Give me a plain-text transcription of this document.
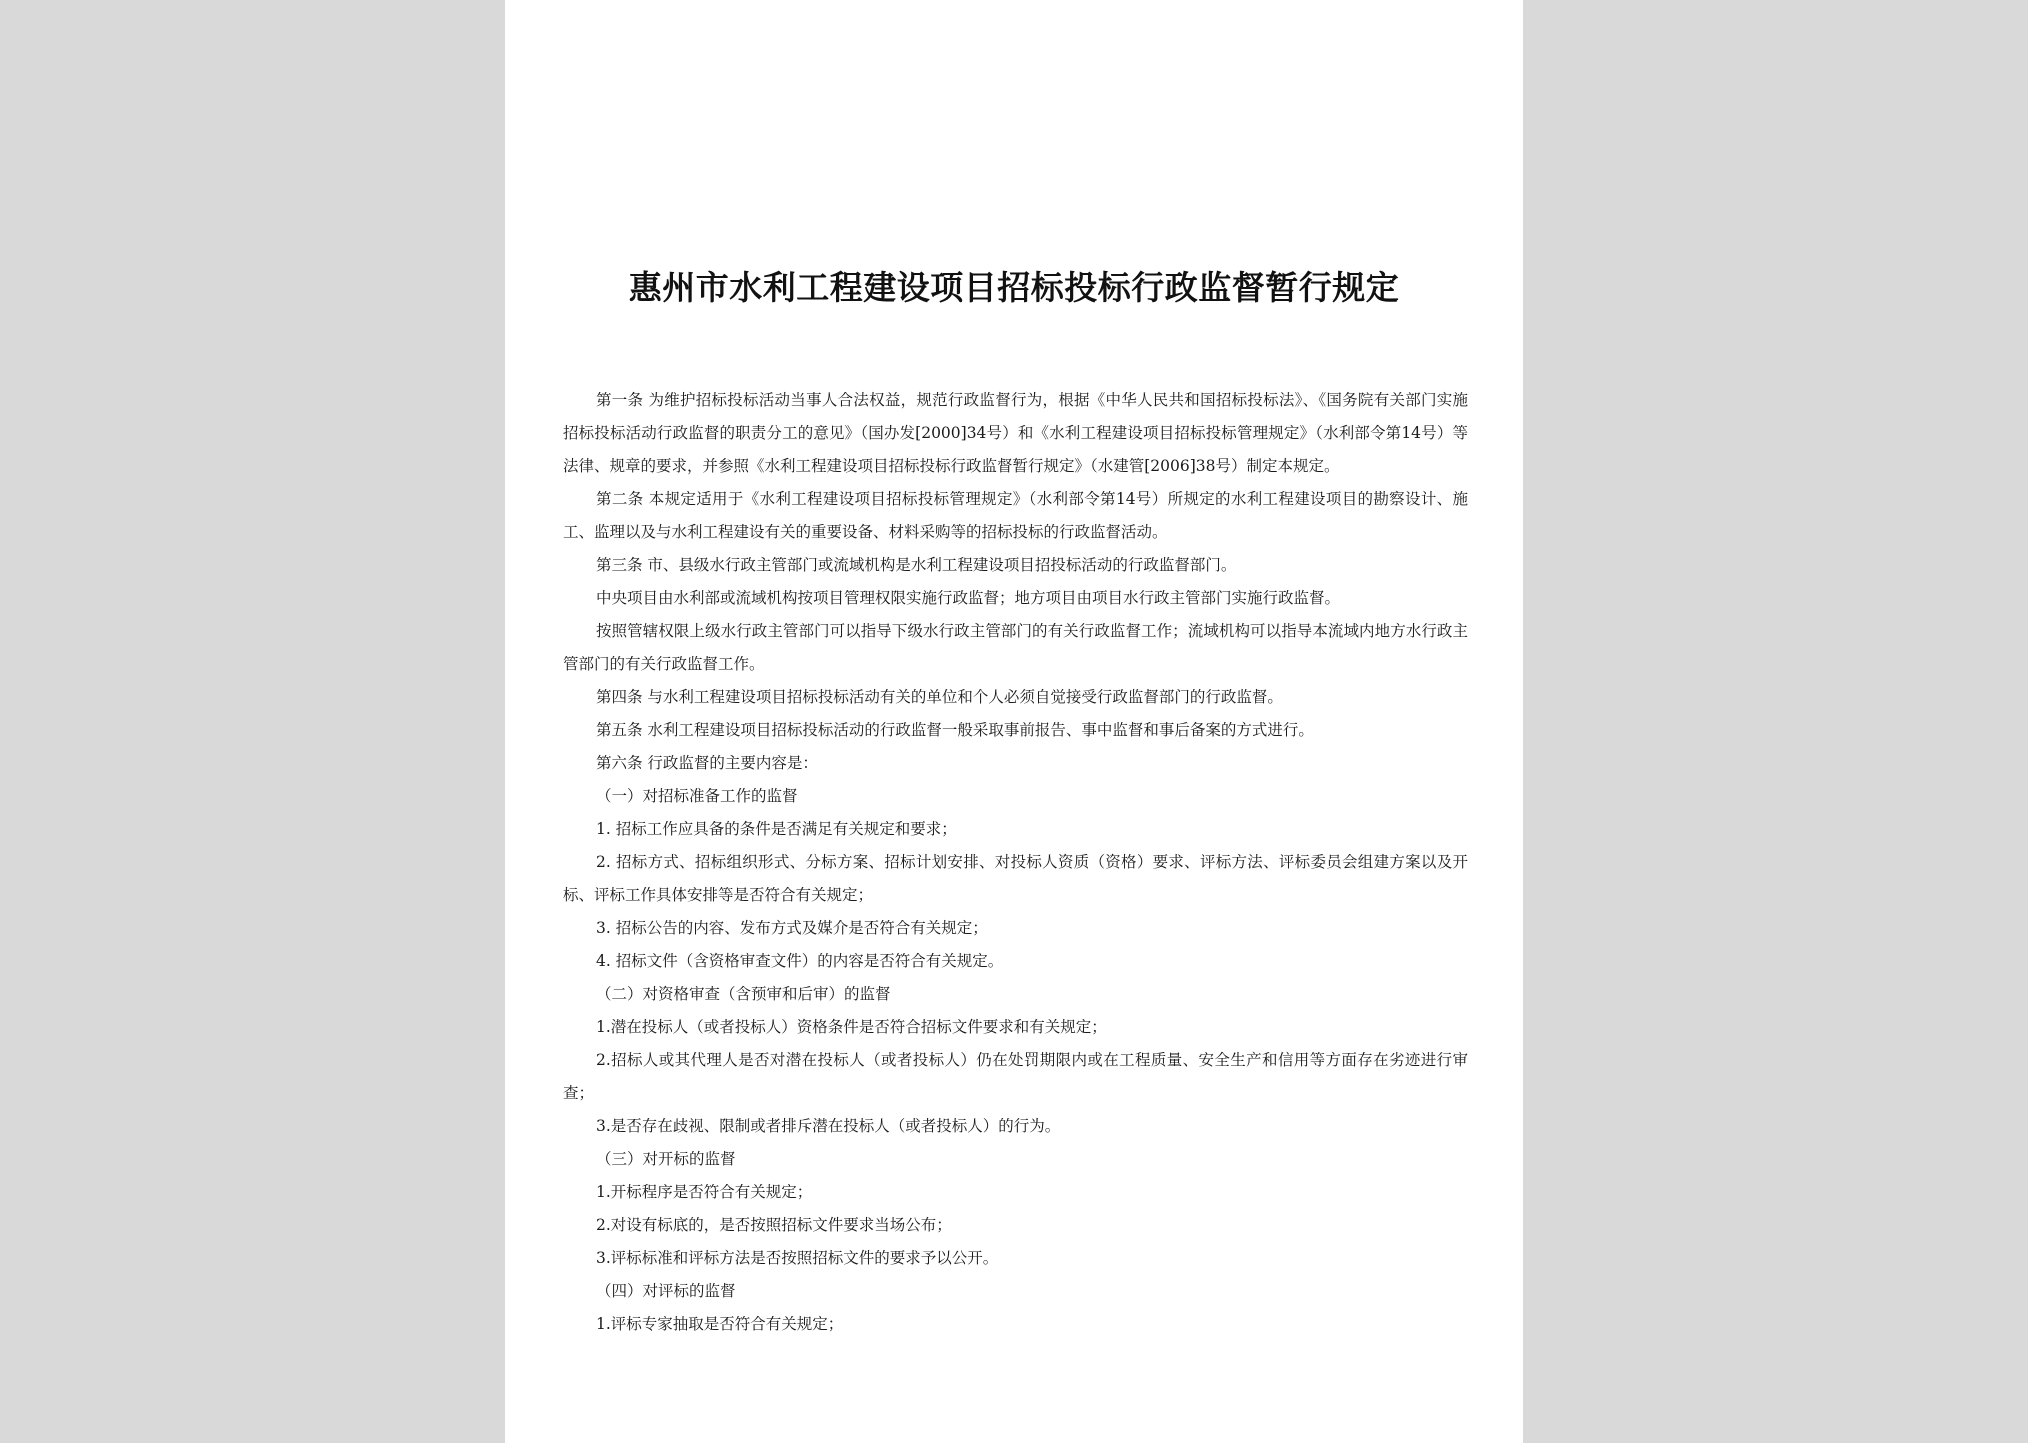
惠州市水利工程建设项目招标投标行政监督暂行规定

第一条 为维护招标投标活动当事人合法权益，规范行政监督行为，根据《中华人民共和国招标投标法》、《国务院有关部门实施招标投标活动行政监督的职责分工的意见》（国办发[2000]34号）和《水利工程建设项目招标投标管理规定》（水利部令第14号）等法律、规章的要求，并参照《水利工程建设项目招标投标行政监督暂行规定》（水建管[2006]38号）制定本规定。

第二条 本规定适用于《水利工程建设项目招标投标管理规定》（水利部令第14号）所规定的水利工程建设项目的勘察设计、施工、监理以及与水利工程建设有关的重要设备、材料采购等的招标投标的行政监督活动。

第三条 市、县级水行政主管部门或流域机构是水利工程建设项目招投标活动的行政监督部门。

中央项目由水利部或流域机构按项目管理权限实施行政监督；地方项目由项目水行政主管部门实施行政监督。

按照管辖权限上级水行政主管部门可以指导下级水行政主管部门的有关行政监督工作；流域机构可以指导本流域内地方水行政主管部门的有关行政监督工作。

第四条 与水利工程建设项目招标投标活动有关的单位和个人必须自觉接受行政监督部门的行政监督。

第五条 水利工程建设项目招标投标活动的行政监督一般采取事前报告、事中监督和事后备案的方式进行。

第六条 行政监督的主要内容是：

（一）对招标准备工作的监督

1. 招标工作应具备的条件是否满足有关规定和要求；

2. 招标方式、招标组织形式、分标方案、招标计划安排、对投标人资质（资格）要求、评标方法、评标委员会组建方案以及开标、评标工作具体安排等是否符合有关规定；

3. 招标公告的内容、发布方式及媒介是否符合有关规定；

4. 招标文件（含资格审查文件）的内容是否符合有关规定。

（二）对资格审查（含预审和后审）的监督

1.潜在投标人（或者投标人）资格条件是否符合招标文件要求和有关规定；

2.招标人或其代理人是否对潜在投标人（或者投标人）仍在处罚期限内或在工程质量、安全生产和信用等方面存在劣迹进行审查；

3.是否存在歧视、限制或者排斥潜在投标人（或者投标人）的行为。

（三）对开标的监督

1.开标程序是否符合有关规定；

2.对设有标底的，是否按照招标文件要求当场公布；

3.评标标准和评标方法是否按照招标文件的要求予以公开。

（四）对评标的监督

1.评标专家抽取是否符合有关规定；
